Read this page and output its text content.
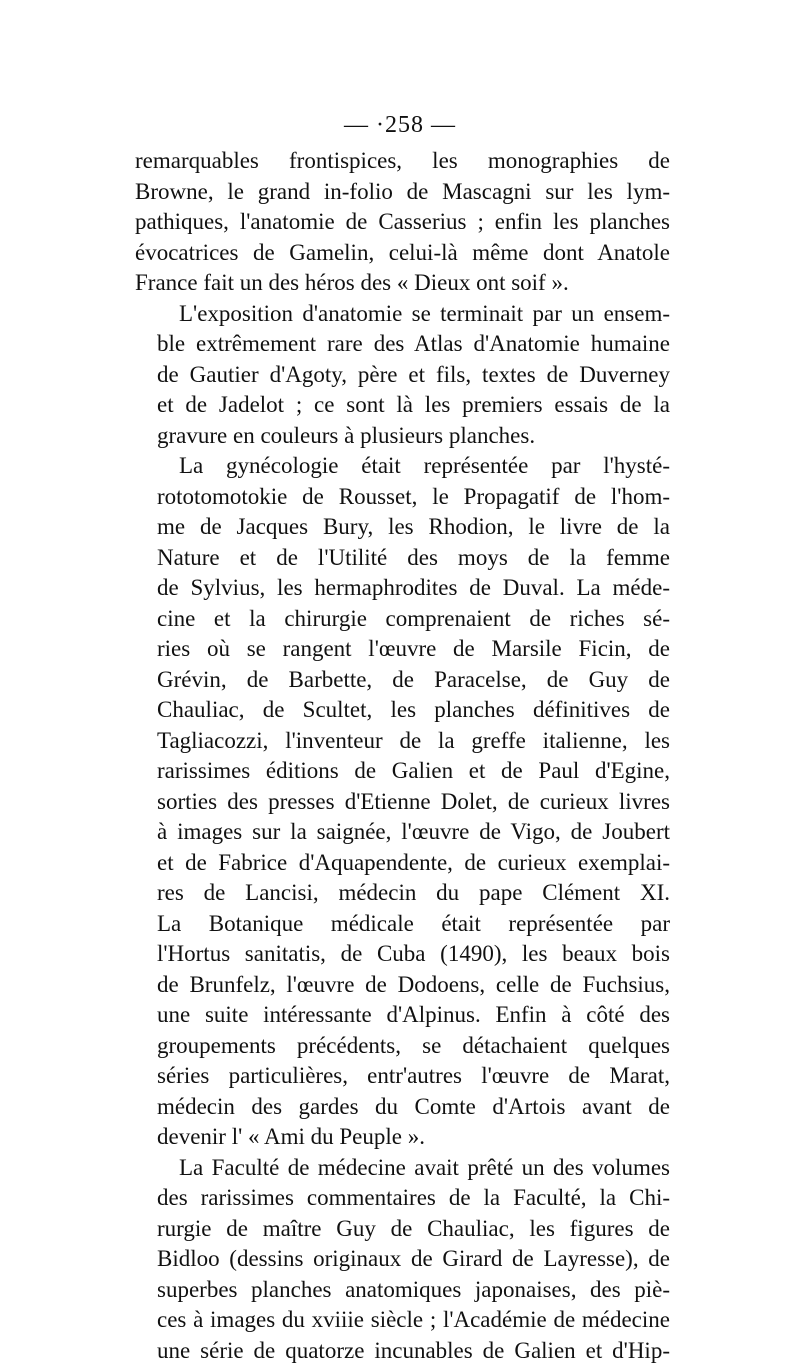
— ·258 —

remarquables frontispices, les monographies de
Browne, le grand in-folio de Mascagni sur les lym-
pathiques, l'anatomie de Casserius ; enfin les planches
évocatrices de Gamelin, celui-là même dont Anatole
France fait un des héros des « Dieux ont soif ».

L'exposition d'anatomie se terminait par un ensem-
ble extrêmement rare des Atlas d'Anatomie humaine
de Gautier d'Agoty, père et fils, textes de Duverney
et de Jadelot ; ce sont là les premiers essais de la
gravure en couleurs à plusieurs planches.

La gynécologie était représentée par l'hysté-
rototomotokie de Rousset, le Propagatif de l'hom-
me de Jacques Bury, les Rhodion, le livre de la
Nature et de l'Utilité des moys de la femme
de Sylvius, les hermaphrodites de Duval. La méde-
cine et la chirurgie comprenaient de riches sé-
ries où se rangent l'œuvre de Marsile Ficin, de
Grévin, de Barbette, de Paracelse, de Guy de
Chauliac, de Scultet, les planches définitives de
Tagliacozzi, l'inventeur de la greffe italienne, les
rarissimes éditions de Galien et de Paul d'Egine,
sorties des presses d'Etienne Dolet, de curieux livres
à images sur la saignée, l'œuvre de Vigo, de Joubert
et de Fabrice d'Aquapendente, de curieux exemplai-
res de Lancisi, médecin du pape Clément XI.
La Botanique médicale était représentée par
l'Hortus sanitatis, de Cuba (1490), les beaux bois
de Brunfelz, l'œuvre de Dodoens, celle de Fuchsius,
une suite intéressante d'Alpinus. Enfin à côté des
groupements précédents, se détachaient quelques
séries particulières, entr'autres l'œuvre de Marat,
médecin des gardes du Comte d'Artois avant de
devenir l' « Ami du Peuple ».

La Faculté de médecine avait prêté un des volumes
des rarissimes commentaires de la Faculté, la Chi-
rurgie de maître Guy de Chauliac, les figures de
Bidloo (dessins originaux de Girard de Layresse), de
superbes planches anatomiques japonaises, des piè-
ces à images du xviiie siècle ; l'Académie de médecine
une série de quatorze incunables de Galien et d'Hip-
